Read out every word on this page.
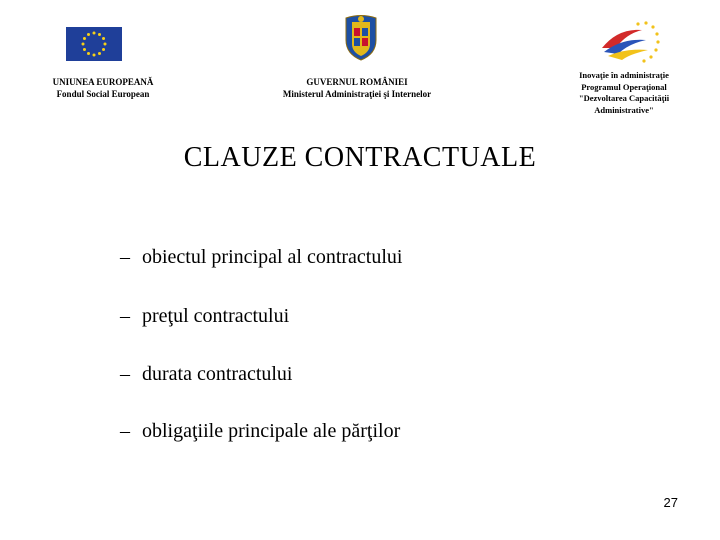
UNIUNEA EUROPEANĂ
Fondul Social European
GUVERNUL ROMÂNIEI
Ministerul Administraţiei şi Internelor
Inovaţie în administraţie
Programul Operaţional
"Dezvoltarea Capacităţii
Administrative"
CLAUZE CONTRACTUALE
– obiectul principal al contractului
– preţul contractului
– durata contractului
– obligaţiile principale ale părţilor
27
